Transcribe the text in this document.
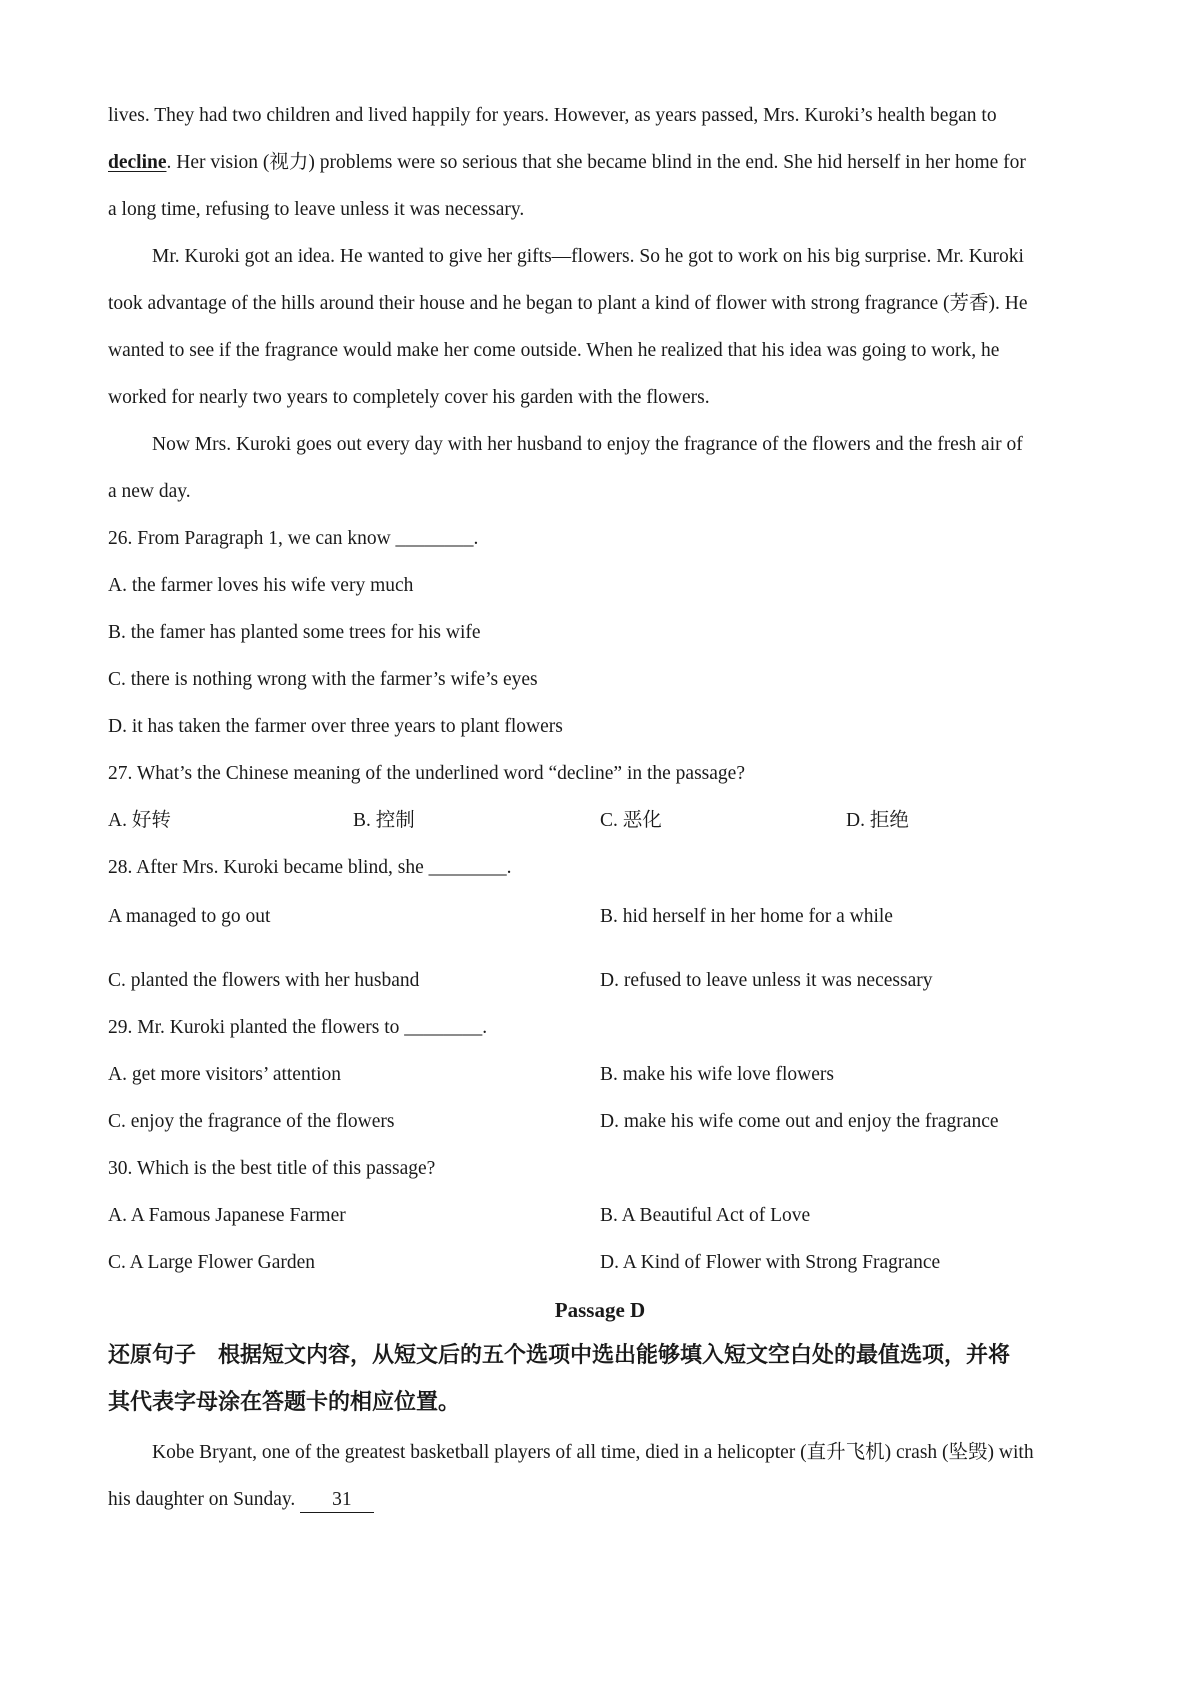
lives. They had two children and lived happily for years. However, as years passed, Mrs. Kuroki’s health began to
decline. Her vision (视力) problems were so serious that she became blind in the end. She hid herself in her home for
a long time, refusing to leave unless it was necessary.
Mr. Kuroki got an idea. He wanted to give her gifts—flowers. So he got to work on his big surprise. Mr. Kuroki
took advantage of the hills around their house and he began to plant a kind of flower with strong fragrance (芳香). He
wanted to see if the fragrance would make her come outside. When he realized that his idea was going to work, he
worked for nearly two years to completely cover his garden with the flowers.
Now Mrs. Kuroki goes out every day with her husband to enjoy the fragrance of the flowers and the fresh air of
a new day.
26. From Paragraph 1, we can know ________.
A. the farmer loves his wife very much
B. the famer has planted some trees for his wife
C. there is nothing wrong with the farmer’s wife’s eyes
D. it has taken the farmer over three years to plant flowers
27. What’s the Chinese meaning of the underlined word “decline” in the passage?
A. 好转	B. 控制	C. 恶化	D. 拒绝
28. After Mrs. Kuroki became blind, she ________.
A managed to go out	B. hid herself in her home for a while
C. planted the flowers with her husband	D. refused to leave unless it was necessary
29. Mr. Kuroki planted the flowers to ________.
A. get more visitors’ attention	B. make his wife love flowers
C. enjoy the fragrance of the flowers	D. make his wife come out and enjoy the fragrance
30. Which is the best title of this passage?
A. A Famous Japanese Farmer	B. A Beautiful Act of Love
C. A Large Flower Garden	D. A Kind of Flower with Strong Fragrance
Passage D
还原句子　根据短文内容，从短文后的五个选项中选出能够填入短文空白处的最值选项，并将
其代表字母涂在答题卡的相应位置。
Kobe Bryant, one of the greatest basketball players of all time, died in a helicopter (直升飞机) crash (坠毁) with
his daughter on Sunday. 31
